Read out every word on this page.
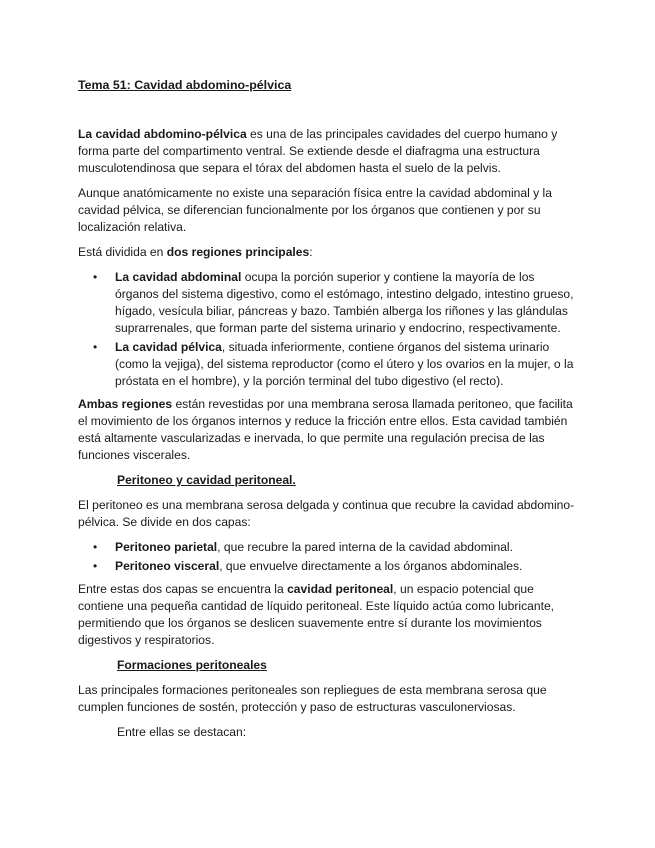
Tema 51: Cavidad abdomino-pélvica

La cavidad abdomino-pélvica es una de las principales cavidades del cuerpo humano y forma parte del compartimento ventral. Se extiende desde el diafragma una estructura musculotendinosa que separa el tórax del abdomen hasta el suelo de la pelvis.

Aunque anatómicamente no existe una separación física entre la cavidad abdominal y la cavidad pélvica, se diferencian funcionalmente por los órganos que contienen y por su localización relativa.

Está dividida en dos regiones principales:

• La cavidad abdominal ocupa la porción superior y contiene la mayoría de los órganos del sistema digestivo, como el estómago, intestino delgado, intestino grueso, hígado, vesícula biliar, páncreas y bazo. También alberga los riñones y las glándulas suprarrenales, que forman parte del sistema urinario y endocrino, respectivamente.
• La cavidad pélvica, situada inferiormente, contiene órganos del sistema urinario (como la vejiga), del sistema reproductor (como el útero y los ovarios en la mujer, o la próstata en el hombre), y la porción terminal del tubo digestivo (el recto).

Ambas regiones están revestidas por una membrana serosa llamada peritoneo, que facilita el movimiento de los órganos internos y reduce la fricción entre ellos. Esta cavidad también está altamente vascularizadas e inervada, lo que permite una regulación precisa de las funciones viscerales.

Peritoneo y cavidad peritoneal.

El peritoneo es una membrana serosa delgada y continua que recubre la cavidad abdomino-pélvica. Se divide en dos capas:

• Peritoneo parietal, que recubre la pared interna de la cavidad abdominal.
• Peritoneo visceral, que envuelve directamente a los órganos abdominales.

Entre estas dos capas se encuentra la cavidad peritoneal, un espacio potencial que contiene una pequeña cantidad de líquido peritoneal. Este líquido actúa como lubricante, permitiendo que los órganos se deslicen suavemente entre sí durante los movimientos digestivos y respiratorios.

Formaciones peritoneales

Las principales formaciones peritoneales son repliegues de esta membrana serosa que cumplen funciones de sostén, protección y paso de estructuras vasculonerviosas.

Entre ellas se destacan:
